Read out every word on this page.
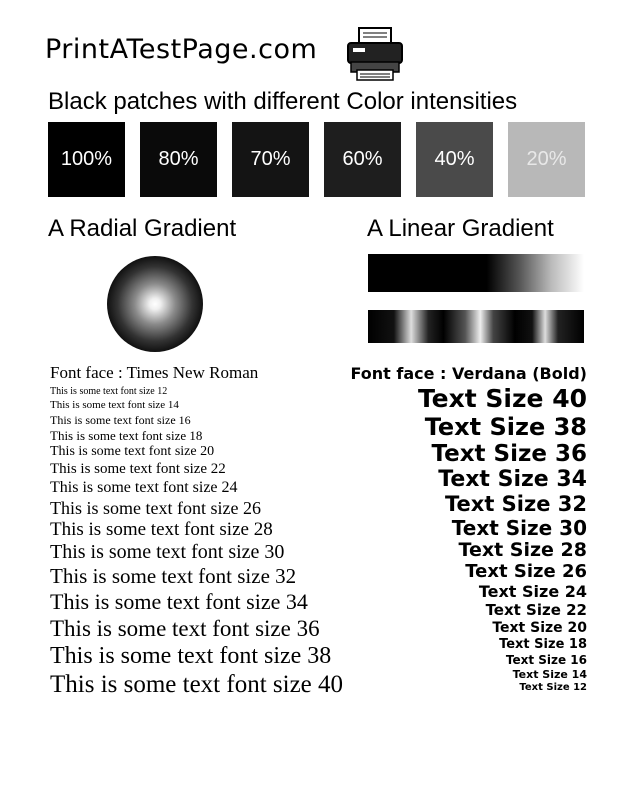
PrintATestPage.com
Black patches with different Color intensities
100% 80%	70%	60%	40%	20%
A Radial Gradient	A Linear Gradient
Font face : Times New Roman
This is some text font size 12
This is some text font size 14
This is some text font size 16
This is some text font size 18
This is some text font size 20
This is some text font size 22
This is some text font size 24
This is some text font size 26
This is some text font size 28
This is some text font size 30
This is some text font size 32
This is some text font size 34
This is some text font size 36
This is some text font size 38
This is some text font size 40
Font face : Verdana (Bold)
Text Size 40
Text Size 38
Text Size 36
Text Size 34
Text Size 32
Text Size 30
Text Size 28
Text Size 26
Text Size 24
Text Size 22
Text Size 20
Text Size 18
Text Size 16
Text Size 14
Text Size 12
